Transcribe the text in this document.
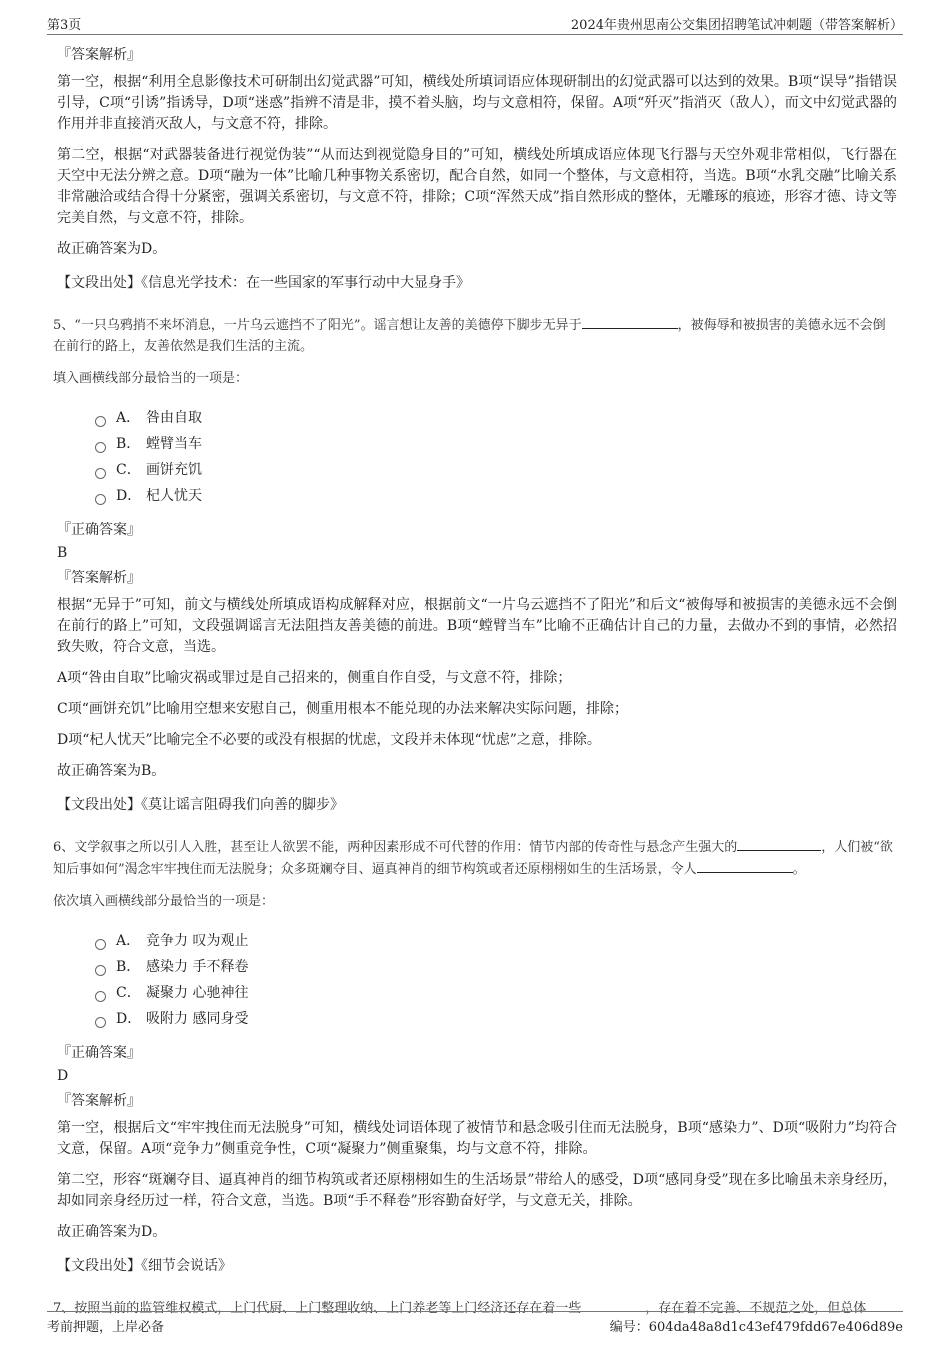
第3页	2024年贵州思南公交集团招聘笔试冲刺题（带答案解析）
『答案解析』

第一空，根据“利用全息影像技术可研制出幻觉武器”可知，横线处所填词语应体现研制出的幻觉武器可以达到的效果。B项“误导”指错误引导，C项“引诱”指诱导，D项“迷惑”指辨不清是非，摸不着头脑，均与文意相符，保留。A项“歼灭”指消灭（敌人），而文中幻觉武器的作用并非直接消灭敌人，与文意不符，排除。

第二空，根据“对武器装备进行视觉伪装”“从而达到视觉隐身目的”可知，横线处所填成语应体现飞行器与天空外观非常相似，飞行器在天空中无法分辨之意。D项“融为一体”比喻几种事物关系密切，配合自然，如同一个整体，与文意相符，当选。B项“水乳交融”比喻关系非常融洽或结合得十分紧密，强调关系密切，与文意不符，排除；C项“浑然天成”指自然形成的整体，无雕琢的痕迹，形容才德、诗文等完美自然，与文意不符，排除。

故正确答案为D。

【文段出处】《信息光学技术：在一些国家的军事行动中大显身手》

5、“一只乌鸦捎不来坏消息，一片乌云遮挡不了阳光”。谣言想让友善的美德停下脚步无异于	，被侮辱和被损害的美德永远不会倒在前行的路上，友善依然是我们生活的主流。

填入画横线部分最恰当的一项是：
A． 咎由自取
B． 螳臂当车
C． 画饼充饥
D． 杞人忧天
『正确答案』
B
『答案解析』

根据“无异于”可知，前文与横线处所填成语构成解释对应，根据前文“一片乌云遮挡不了阳光”和后文“被侮辱和被损害的美德永远不会倒在前行的路上”可知，文段强调谣言无法阻挡友善美德的前进。B项“螳臂当车”比喻不正确估计自己的力量，去做办不到的事情，必然招致失败，符合文意，当选。

A项“咎由自取”比喻灾祸或罪过是自己招来的，侧重自作自受，与文意不符，排除；

C项“画饼充饥”比喻用空想来安慰自己，侧重用根本不能兑现的办法来解决实际问题，排除；

D项“杞人忧天”比喻完全不必要的或没有根据的忧虑，文段并未体现“忧虑”之意，排除。

故正确答案为B。

【文段出处】《莫让谣言阻碍我们向善的脚步》

6、文学叙事之所以引人入胜，甚至让人欲罢不能，两种因素形成不可代替的作用：情节内部的传奇性与悬念产生强大的	，人们被“欲知后事如何”渴念牢牢拽住而无法脱身；众多斑斓夺目、逼真神肖的细节构筑或者还原栩栩如生的生活场景，令人	。

依次填入画横线部分最恰当的一项是：
A． 竞争力 叹为观止
B． 感染力 手不释卷
C． 凝聚力 心驰神往
D． 吸附力 感同身受
『正确答案』
D
『答案解析』

第一空，根据后文“牢牢拽住而无法脱身”可知，横线处词语体现了被情节和悬念吸引住而无法脱身，B项“感染力”、D项“吸附力”均符合文意，保留。A项“竞争力”侧重竞争性，C项“凝聚力”侧重聚集，均与文意不符，排除。

第二空，形容“斑斓夺目、逼真神肖的细节构筑或者还原栩栩如生的生活场景”带给人的感受，D项“感同身受”现在多比喻虽未亲身经历，却如同亲身经历过一样，符合文意，当选。B项“手不释卷”形容勤奋好学，与文意无关，排除。

故正确答案为D。

【文段出处】《细节会说话》

7、按照当前的监管维权模式，上门代厨、上门整理收纳、上门养老等上门经济还存在着一些	，存在着不完善、不规范之处，但总体

考前押题，上岸必备	编号：604da48a8d1c43ef479fdd67e406d89e
